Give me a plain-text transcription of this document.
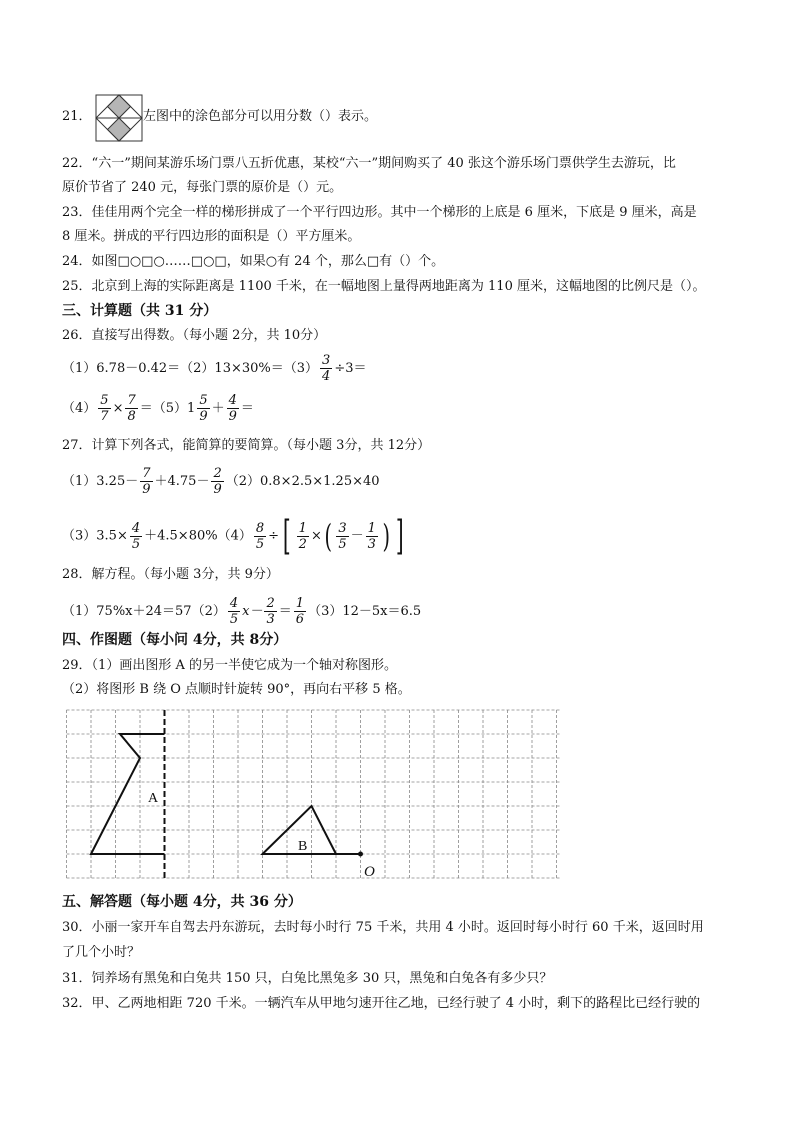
21．	左图中的涂色部分可以用分数（）表示。
22．“六一”期间某游乐场门票八五折优惠，某校“六一”期间购买了 40 张这个游乐场门票供学生去游玩，比
原价节省了 240 元，每张门票的原价是（）元。
23．佳佳用两个完全一样的梯形拼成了一个平行四边形。其中一个梯形的上底是 6 厘米，下底是 9 厘米，高是
8 厘米。拼成的平行四边形的面积是（）平方厘米。
24．如图□○□○……□○□，如果○有 24 个，那么□有（）个。
25．北京到上海的实际距离是 1100 千米，在一幅地图上量得两地距离为 110 厘米，这幅地图的比例尺是（）。
三、计算题（共 31 分）
26．直接写出得数。（每小题 2分，共 10分）
$(1)6.78-0.42=(2)13\times 30\%=(3) \frac{3}{4} \div 3=$
$(4) \frac{5}{7} \times \frac{7}{8} =(5)1 \frac{5}{9} + \frac{4}{9}$ ＝
27．计算下列各式，能简算的要简算。（每小题 3分，共 12分）
$(1)3.25- \frac{7}{9} +4.75- \frac{2}{9} (2)0.8\times 2.5\times 1.25\times 40$
$(3)3.5\times \frac{4}{5} +4.5\times 80\%(4) \frac{8}{5}$ ÷[ $\frac{1}{2}$ ×( $\frac{3}{5} - \frac{1}{3}$ ) ]
28．解方程。（每小题 3分，共 9分）
$(1)75\%x+24=57(2) \frac{4}{5} x- \frac{2}{3} = \frac{1}{6} (3)12-5x=6.5$
四、作图题（每小问 4分，共 8分）
29．（1）画出图形 A 的另一半使它成为一个轴对称图形。
（2）将图形 B 绕 O 点顺时针旋转 90°，再向右平移 5 格。
A
B
O
五、解答题（每小题 4分，共 36 分）
30．小丽一家开车自驾去丹东游玩，去时每小时行 75 千米，共用 4 小时。返回时每小时行 60 千米，返回时用
了几个小时？
31．饲养场有黑兔和白兔共 150 只，白兔比黑兔多 30 只，黑兔和白兔各有多少只？
32．甲、乙两地相距 720 千米。一辆汽车从甲地匀速开往乙地，已经行驶了 4 小时，剩下的路程比已经行驶的
